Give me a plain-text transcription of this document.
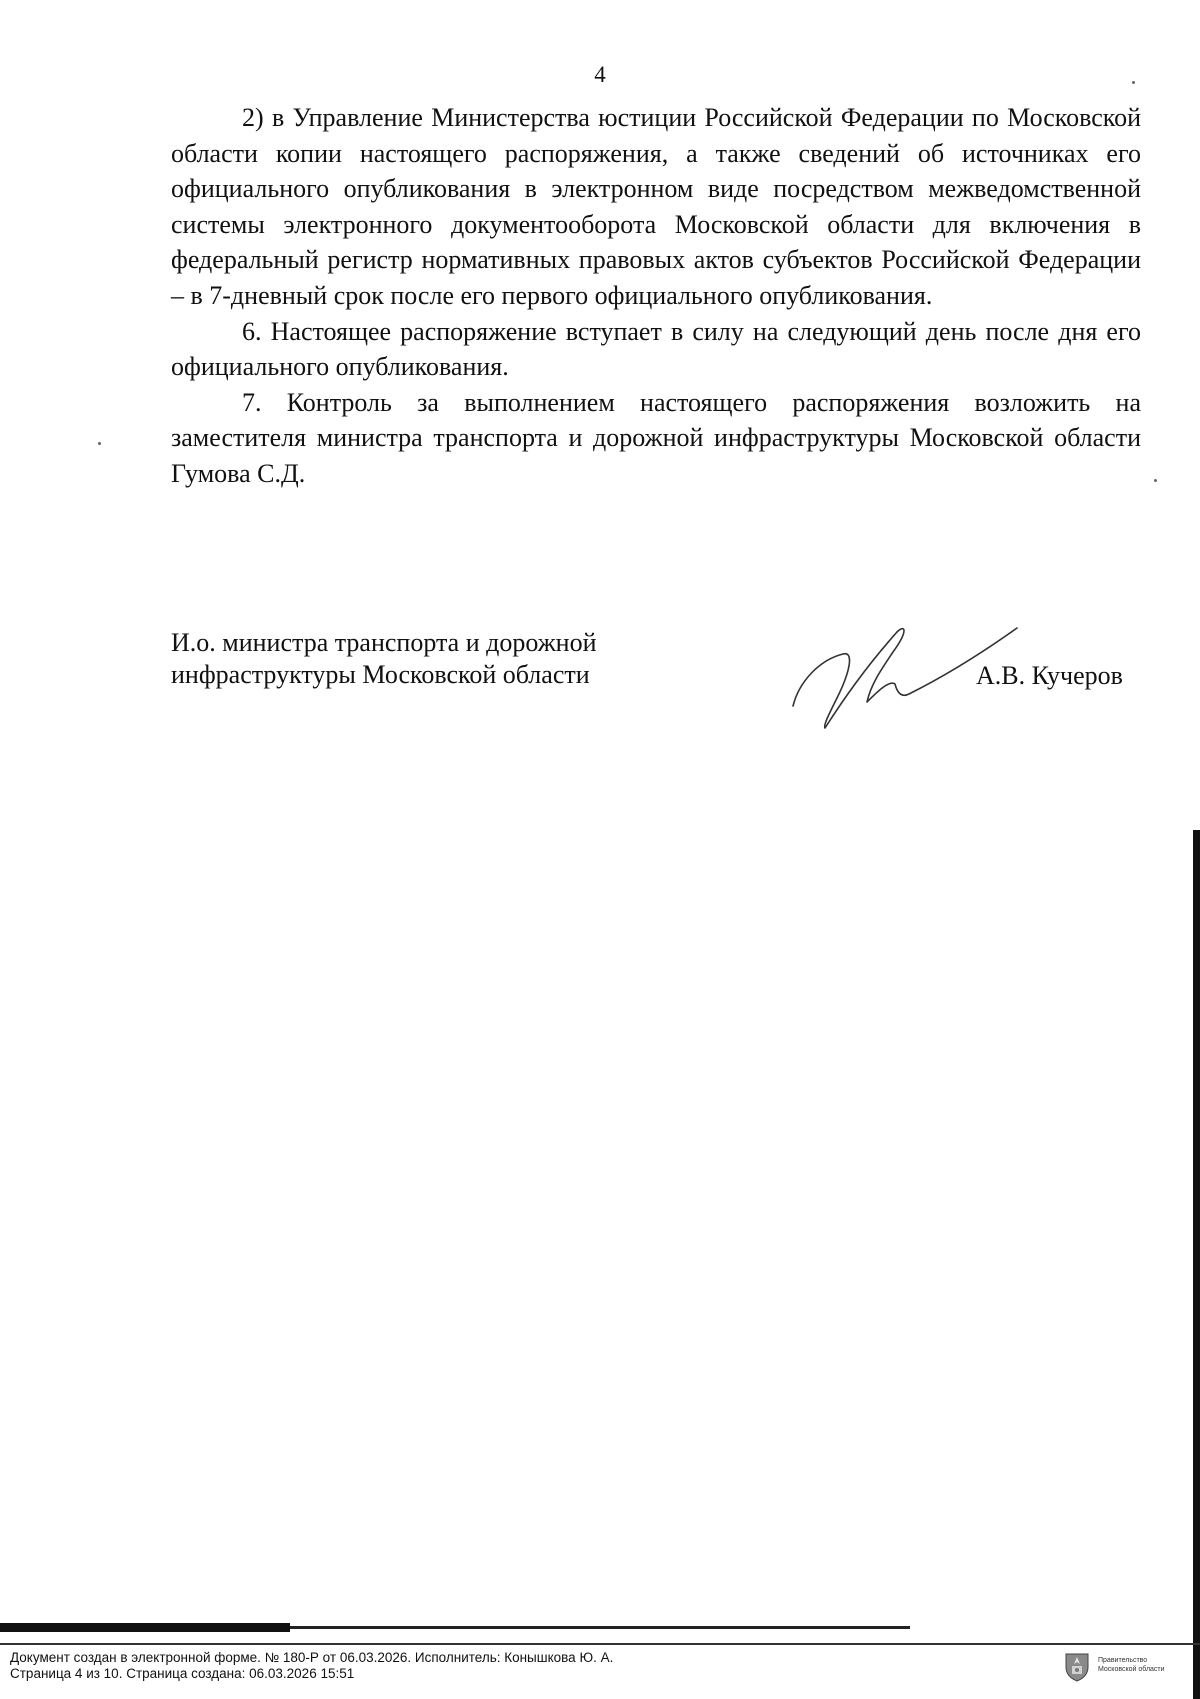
4

2) в Управление Министерства юстиции Российской Федерации по Московской области копии настоящего распоряжения, а также сведений об источниках его официального опубликования в электронном виде посредством межведомственной системы электронного документооборота Московской области для включения в федеральный регистр нормативных правовых актов субъектов Российской Федерации – в 7-дневный срок после его первого официального опубликования.

6. Настоящее распоряжение вступает в силу на следующий день после дня его официального опубликования.

7. Контроль за выполнением настоящего распоряжения возложить на заместителя министра транспорта и дорожной инфраструктуры Московской области Гумова С.Д.

И.о. министра транспорта и дорожной
инфраструктуры Московской области	А.В. Кучеров
Документ создан в электронной форме. № 180-Р от 06.03.2026. Исполнитель: Конышкова Ю. А.
Страница 4 из 10. Страница создана: 06.03.2026 15:51
Правительство
Московской области
